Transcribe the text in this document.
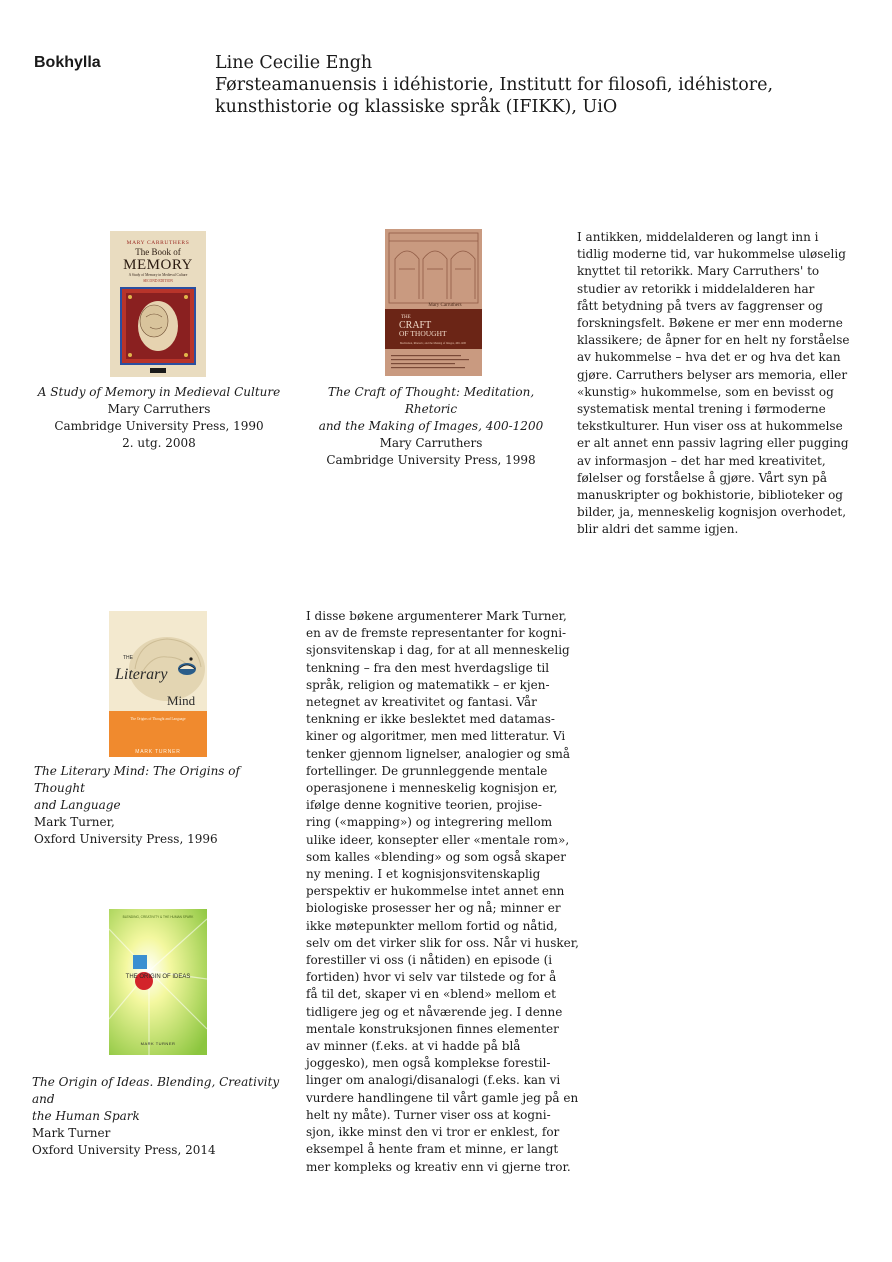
Bokhylla	Line Cecilie Engh
Førsteamanuensis i idéhistorie, Institutt for filosofi, idéhistore,
kunsthistorie og klassiske språk (IFIKK), UiO
MARY CARRUTHERS
The Book of
MEMORY
A Study of Memory in Medieval Culture
SECOND EDITION
A Study of Memory in Medieval Culture
Mary Carruthers
Cambridge University Press, 1990
2. utg. 2008
Mary Carruthers
THE
CRAFT
OF THOUGHT
Meditation, Rhetoric, and the Making of Images, 400-1200
The Craft of Thought: Meditation, Rhetoric
and the Making of Images, 400-1200
Mary Carruthers
Cambridge University Press, 1998
I antikken, middelalderen og langt inn i
tidlig moderne tid, var hukommelse uløselig
knyttet til retorikk. Mary Carruthers' to
studier av retorikk i middelalderen har
fått betydning på tvers av faggrenser og
forskningsfelt. Bøkene er mer enn moderne
klassikere; de åpner for en helt ny forståelse
av hukommelse – hva det er og hva det kan
gjøre. Carruthers belyser ars memoria, eller
«kunstig» hukommelse, som en bevisst og
systematisk mental trening i førmoderne
tekstkulturer. Hun viser oss at hukommelse
er alt annet enn passiv lagring eller pugging
av informasjon – det har med kreativitet,
følelser og forståelse å gjøre. Vårt syn på
manuskripter og bokhistorie, biblioteker og
bilder, ja, menneskelig kognisjon overhodet,
blir aldri det samme igjen.
THE
Literary
Mind
The Origins of Thought and Language
MARK TURNER
The Literary Mind: The Origins of Thought
and Language
Mark Turner,
Oxford University Press, 1996
BLENDING, CREATIVITY & THE HUMAN SPARK
THE ORIGIN OF IDEAS
MARK TURNER
The Origin of Ideas. Blending, Creativity and
the Human Spark
Mark Turner
Oxford University Press, 2014
I disse bøkene argumenterer Mark Turner,
en av de fremste representanter for kogni-
sjonsvitenskap i dag, for at all menneskelig
tenkning – fra den mest hverdagslige til
språk, religion og matematikk – er kjen-
netegnet av kreativitet og fantasi. Vår
tenkning er ikke beslektet med datamas-
kiner og algoritmer, men med litteratur. Vi
tenker gjennom lignelser, analogier og små
fortellinger. De grunnleggende mentale
operasjonene i menneskelig kognisjon er,
ifølge denne kognitive teorien, projise-
ring («mapping») og integrering mellom
ulike ideer, konsepter eller «mentale rom»,
som kalles «blending» og som også skaper
ny mening. I et kognisjonsvitenskaplig
perspektiv er hukommelse intet annet enn
biologiske prosesser her og nå; minner er
ikke møtepunkter mellom fortid og nåtid,
selv om det virker slik for oss. Når vi husker,
forestiller vi oss (i nåtiden) en episode (i
fortiden) hvor vi selv var tilstede og for å
få til det, skaper vi en «blend» mellom et
tidligere jeg og et nåværende jeg. I denne
mentale konstruksjonen finnes elementer
av minner (f.eks. at vi hadde på blå
joggesko), men også komplekse forestil-
linger om analogi/disanalogi (f.eks. kan vi
vurdere handlingene til vårt gamle jeg på en
helt ny måte). Turner viser oss at kogni-
sjon, ikke minst den vi tror er enklest, for
eksempel å hente fram et minne, er langt
mer kompleks og kreativ enn vi gjerne tror.
